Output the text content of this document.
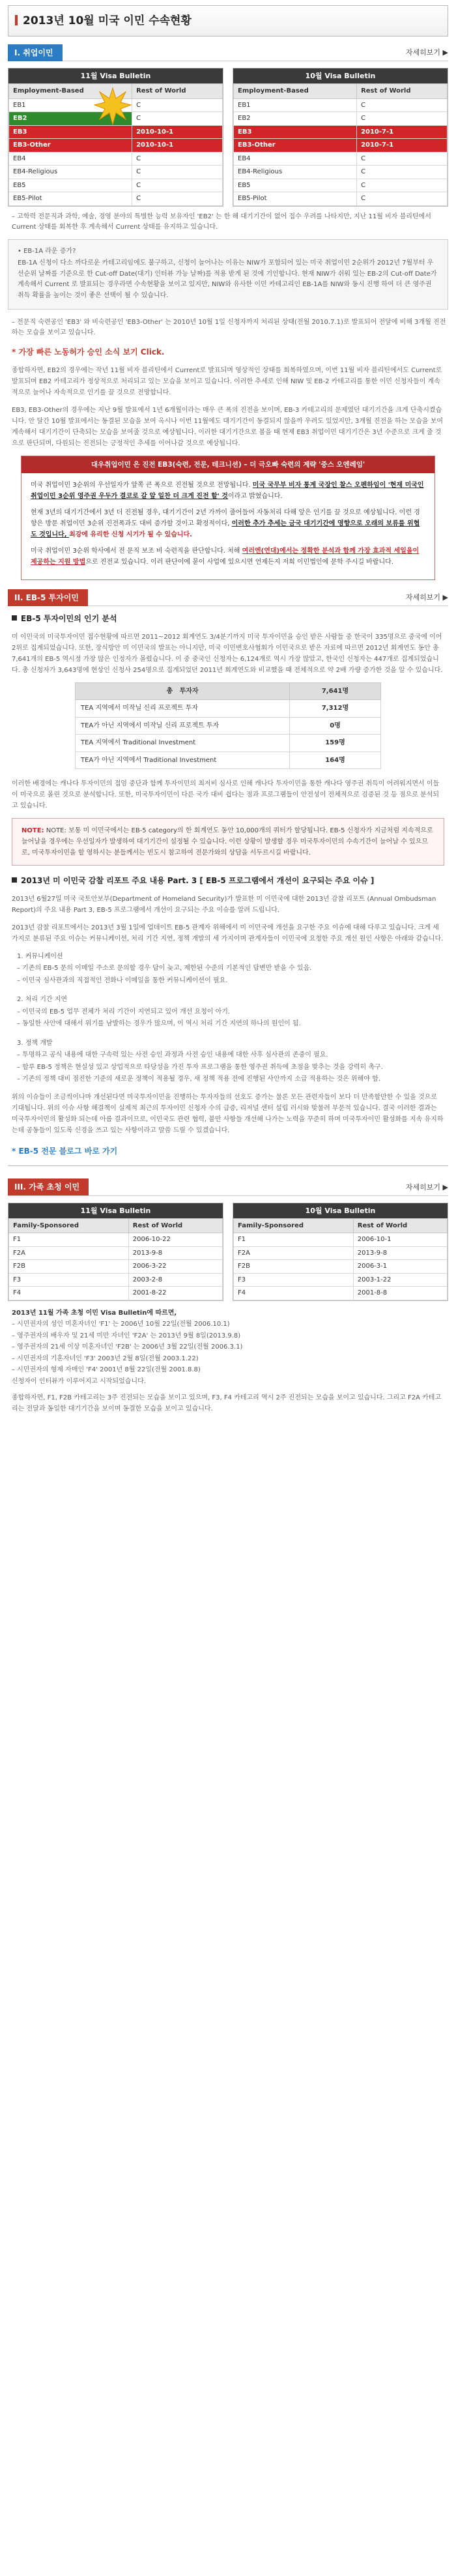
2013년 10월 미국 이민 수속현황
I. 취업이민	자세히보기 ▶
11월 Visa Bulletin
Employment-Based	Rest of World
EB1	C
EB2	C
EB3	2010-10-1
EB3-Other	2010-10-1
EB4	C
EB4-Religious	C
EB5	C
EB5-Pilot	C
10월 Visa Bulletin
Employment-Based	Rest of World
EB1	C
EB2	C
EB3	2010-7-1
EB3-Other	2010-7-1
EB4	C
EB4-Religious	C
EB5	C
EB5-Pilot	C
– 고학력 전문직과 과학, 예술, 경영 분야의 특별한 능력 보유자인 'EB2' 는 한 해 대기기간이 없어 접수 우려를 나타지만, 지난 11월 비자 블리틴에서 Current 상태를 회복한 후 계속해서 Current 상태를 유지하고 있습니다.

• EB-1A 라운 증가?

EB-1A 신청이 다소 까다로운 카테고리임에도 불구하고, 신청이 늘어나는 이유는 NIW가 포함되어 있는 미국 취업이민 2순위가 2012년 7월부터 우선순위 날짜를 기준으로 한 Cut-off Date(대기) 인터뷰 가능 날짜)를 적용 받게 된 것에 기인합니다. 현재 NIW가 쉬워 있는 EB-2의 Cut-off Date가 계속해서 Current 로 발표되는 경우라면 수속현황을 보이고 있지만, NIW와 유사한 이민 카테고리인 EB-1A를 NIW와 동시 진행 하여 더 큰 영주권 취득 확률을 높이는 것이 좋은 선택이 될 수 있습니다.

– 전문직 숙련공인 'EB3' 와 비숙련공인 'EB3-Other' 는 2010년 10월 1일 신청자까지 처리된 상태(전월 2010.7.1)로 발표되어 전달에 비해 3개월 진전하는 모습을 보이고 있습니다.
* 가장 빠른 노동허가 승인 소식 보기 Click.
종합하자면, EB2의 경우에는 작년 11월 비자 블리틴에서 Current로 발표되며 영상적인 상태를 회복하였으며, 이번 11월 비자 블리틴에서도 Current로 발표되며 EB2 카테고리가 정상적으로 처리되고 있는 모습을 보이고 있습니다. 이러한 추세로 인해 NIW 및 EB-2 카테고리를 통한 이민 신청자들이 계속적으로 늘어나 자속적으로 인기를 끌 것으로 전망합니다.
EB3, EB3-Other의 경우에는 지난 9월 발표에서 1년 6개월이라는 매우 큰 폭의 진전을 보이며, EB-3 카테고리의 문제였던 대기기간을 크게 단축시켰습니다. 안 달간 10월 발표에서는 동결된 모습을 보여 옥시나 이번 11월에도 대기기간이 동결되지 않을까 우려도 있었지만, 3개월 진전을 하는 모습을 보여 계속해서 대기기간이 단축되는 모습을 보여줄 것으로 예상됩니다. 이러한 대기기간으로 볼을 때 현재 EB3 취업이민 대기기간은 3년 수준으로 크게 줄 것으로 판단되며, 다원되는 진전되는 긍정적인 추세를 이어나갈 것으로 예상됩니다.
대우취업이민 은 진전 EB3(숙련, 전문, 테크니션) – 더 극오빠 숙련의 계략 '중스 오엔레임'

미국 취업이민 3순위의 우선일자가 앞쪽 큰 폭으로 진전될 것으로 전망됩니다. 미국 국무부 비자 통계 국장인 찰스 오펜하임이 '현재 미국인 취업이민 3순위 영주권 우두가 결코로 갈 앞 일찬 더 크게 진전 할' 것이라고 밝혔습니다.

현재 3년의 대기기간에서 3년 더 진전될 경우, 대기기간이 2년 가까이 줄어들어 자동처리 다해 앞은 인기를 끌 것으로 예상됩니다. 이런 경향은 방문 취업이민 3순위 진전폭과도 대비 증가할 것이고 확정적이다, 이러한 추가 추세는 금국 대기기간에 영향으로 오래의 보류를 위협도 것입니다, 최강에 유리한 신청 시기가 될 수 있습니다.

미국 취업이민 3순위 학사에서 전 문직 보조 비 숙련직을 판단합니다. 처해 여러엔(연대)에서는 정확한 분석과 함께 가장 효과적 세일을이 제공하는 지원 방법으로 진전교 있습니다. 이러 판단이에 묻이 사업에 있으시면 언제든지 저희 이민법인에 문학 주시길 바랍니다.

II. EB-5 투자이민	자세히보기 ▶
EB-5 투자이민의 인기 분석
미 이민국의 미국투자이민 접수현황에 따르면 2011~2012 회계연도 3/4분기까지 미국 투자이민을 승인 받은 사람들 중 한국이 335명으로 중국에 이어 2위로 집계되었습니다. 또한, 장식방안 미 이민국의 발표는 아니지만, 미국 이민변호사협회가 이민국으로 받은 자료에 따르면 2012년 회계연도 동안 총 7,641개의 EB-5 역시정 가장 많은 인정자가 몰렸습니다. 이 중 중국인 신청자는 6,124개로 역시 가장 많았고, 한국인 신청자는 447개로 집계되었습니다. 총 신청자가 3,643명에 현상인 신청사 254명으로 집계되었던 2011년 회계연도와 비교했을 때 전체적으로 약 2배 가량 증가한 것을 알 수 있습니다.
총 투자자	7,641명
TEA 지역에서 미작닐 신리 프로젝트 투자	7,312명
TEA가 아닌 지역에서 미작닐 신리 프로젝트 투자	0명
TEA 지역에서 Traditional Investment	159명
TEA가 아닌 지역에서 Traditional Investment	164명
이러한 배경에는 캐나다 투자이민의 접엄 중단과 함께 투자이민의 최저비 심사로 인해 캐나다 투자이민을 통한 캐나다 영주권 취득이 어려워지면서 이들이 미국으로 몰린 것으로 분석합니다. 또한, 미국투자이민이 다른 국가 대비 쉽다는 점과 프로그램들이 안전성이 전체적으로 검증된 것 등 점으로 분석되고 있습니다.
NOTE: NOTE: 보통 미 이민국에서는 EB-5 category의 한 회계연도 동안 10,000개의 쿼터가 할당됩니다. EB-5 신청자가 지금처럼 지속적으로 늘어날을 경우에는 우선일자가 발생하여 대기기간이 설정될 수 있습니다. 이런 상황이 발생할 경우 미국투자이민의 수속기간이 늘어날 수 있으므로, 미국투자이민을 할 영하시는 분들께서는 빈도시 참고하여 전문가와의 상담을 서두르시길 바랍니다.
2013년 미 이민국 감찰 리포트 주요 내용 Part. 3 [ EB-5 프로그램에서 개선이 요구되는 주요 이슈 ]
2013년 6월27일 미국 국토안보부(Department of Homeland Security)가 발표한 미 이민국에 대한 2013년 감찰 리포트 (Annual Ombudsman Report)의 주요 내용 Part 3, EB-5 프로그램에서 개선이 요구되는 주요 이슈를 알려 드립니다.
2013년 감찰 리포트에서는 2013년 3월 1일에 업데이트 EB-5 관계자 위해에서 미 이민국에 개선을 요구한 주요 이슈에 대해 다루고 있습니다. 크게 세 가지로 분류된 주요 이슈는 커뮤니케이션, 처리 기간 지연, 정책 개발의 세 가지이며 관계자들이 이민국에 요청한 주요 개선 원인 사항은 아래와 같습니다.

1. 커뮤니케이션

– 기존의 EB-5 문의 이메일 주소로 문의할 경우 답이 늦고, 제한된 수준의 기본적인 답변만 받을 수 있음.

– 이민국 심사관과의 직접적인 전화나 이메일을 통한 커뮤니케이션이 필요.

2. 처리 기간 지연

– 이민국의 EB-5 업무 전체가 처리 기간이 지연되고 있어 개선 요청이 아기.

– 동일한 사안에 대해서 위기를 남발하는 경우가 많으며, 이 역시 처리 기간 지연의 하나의 원인이 됨.

3. 정책 개발

– 투명하고 공식 내용에 대한 구속력 있는 사전 승인 과정과 사전 승인 내용에 대한 사후 심사관의 존중이 필요.

– 할루 EB-5 정책은 현실성 있고 상업적으로 타당성을 가진 투자 프로그램을 통한 영주권 취득에 초점을 맞추는 것을 강력히 촉구.

– 기존의 정책 대비 점진한 기준의 새로운 정책이 적용될 경우, 새 정책 적용 전에 진행된 사안까지 소급 적용하는 것은 위해야 함.

위의 이슈들이 조금씩이나마 개선된다면 미국투자이민을 진행하는 투자자들의 선호도 증가는 물론 모든 관련자들이 보다 더 만족할만한 수 있을 것으로 기대됩니다. 위의 이슈 사항 해결책이 실제적 최근의 투자이민 신청자 수의 급증, 리저널 센터 설립 러시와 맞물려 부문적 있습니다. 결국 이러한 결과는 미국투자이민의 활성화 되는데 아름 결과이므로, 이민국도 관련 협력, 불만 사항들 개선해 나가는 노력을 꾸준히 하며 미국투자이민 활성화를 지속 유지하는데 공동들이 있도록 신경을 쓰고 있는 사항이라고 말씀 드릴 수 있겠습니다.
* EB-5 전문 블로그 바로 가기
III. 가족 초청 이민	자세히보기 ▶
11월 Visa Bulletin
Family-Sponsored	Rest of World
F1	2006-10-22
F2A	2013-9-8
F2B	2006-3-22
F3	2003-2-8
F4	2001-8-22
10월 Visa Bulletin
Family-Sponsored	Rest of World
F1	2006-10-1
F2A	2013-9-8
F2B	2006-3-1
F3	2003-1-22
F4	2001-8-8
2013년 11월 가족 초청 이민 Visa Bulletin에 따르면,
– 시민권자의 성인 미혼자녀인 'F1' 는 2006년 10월 22일(전월 2006.10.1)
– 영주권자의 배우자 및 21세 미만 자녀인 'F2A' 는 2013년 9월 8일(2013.9.8)
– 영주권자의 21세 이상 미혼자녀인 'F2B' 는 2006년 3월 22일(전월 2006.3.1)
– 시민권자의 기혼자녀인 'F3' 2003년 2월 8일(전월 2003.1.22)
– 시민권자의 형제 자매인 'F4' 2001년 8월 22일(전월 2001.8.8)
신청자이 인터뷰가 이루어지고 시작되었습니다.
종합하자면, F1, F2B 카테고리는 3주 진전되는 모습을 보이고 있으며, F3, F4 카테고리 역시 2주 진전되는 모습을 보이고 있습니다. 그리고 F2A 카테고리는 전달과 동일한 대기기간을 보이며 동결한 모습을 보이고 있습니다.
